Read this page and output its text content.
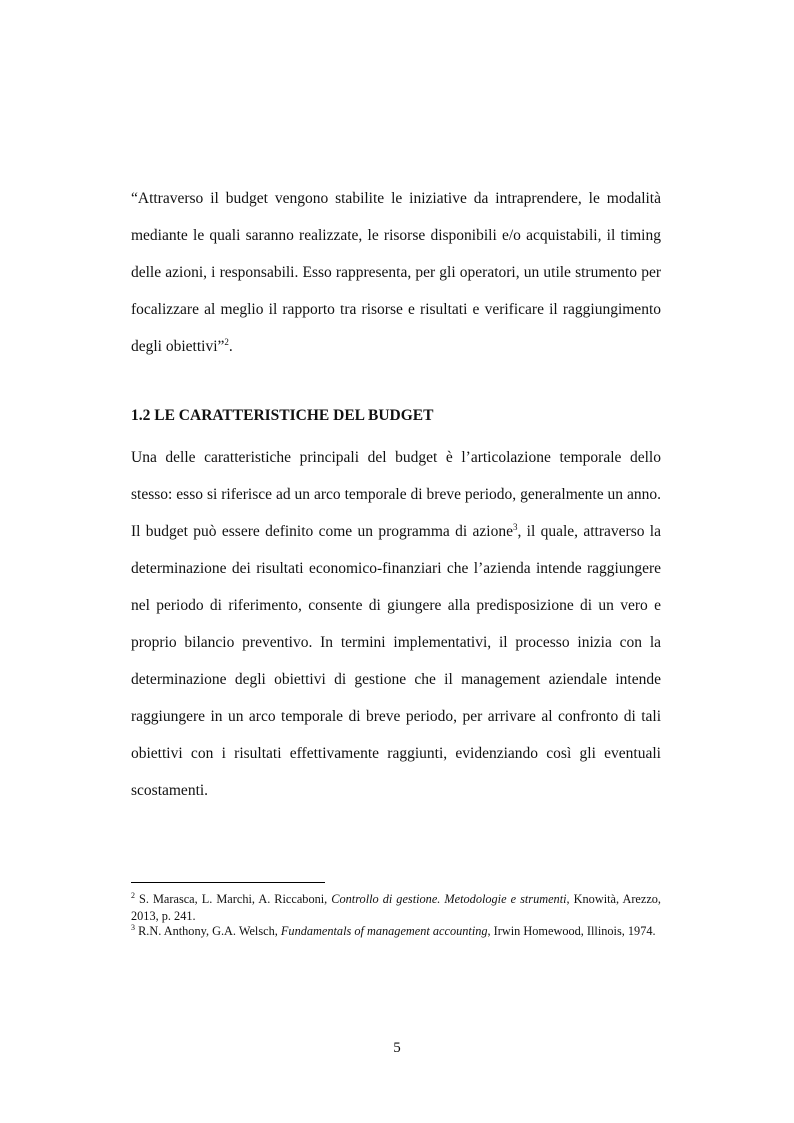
“Attraverso il budget vengono stabilite le iniziative da intraprendere, le modalità mediante le quali saranno realizzate, le risorse disponibili e/o acquistabili, il timing delle azioni, i responsabili. Esso rappresenta, per gli operatori, un utile strumento per focalizzare al meglio il rapporto tra risorse e risultati e verificare il raggiungimento degli obiettivi”$^2$.

1.2 LE CARATTERISTICHE DEL BUDGET

Una delle caratteristiche principali del budget è l’articolazione temporale dello stesso: esso si riferisce ad un arco temporale di breve periodo, generalmente un anno. Il budget può essere definito come un programma di azione$^3$, il quale, attraverso la determinazione dei risultati economico-finanziari che l’azienda intende raggiungere nel periodo di riferimento, consente di giungere alla predisposizione di un vero e proprio bilancio preventivo. In termini implementativi, il processo inizia con la determinazione degli obiettivi di gestione che il management aziendale intende raggiungere in un arco temporale di breve periodo, per arrivare al confronto di tali obiettivi con i risultati effettivamente raggiunti, evidenziando così gli eventuali scostamenti.

$^2$ S. Marasca, L. Marchi, A. Riccaboni, Controllo di gestione. Metodologie e strumenti, Knowità, Arezzo, 2013, p. 241.

$^3$ R.N. Anthony, G.A. Welsch, Fundamentals of management accounting, Irwin Homewood, Illinois, 1974.

5
